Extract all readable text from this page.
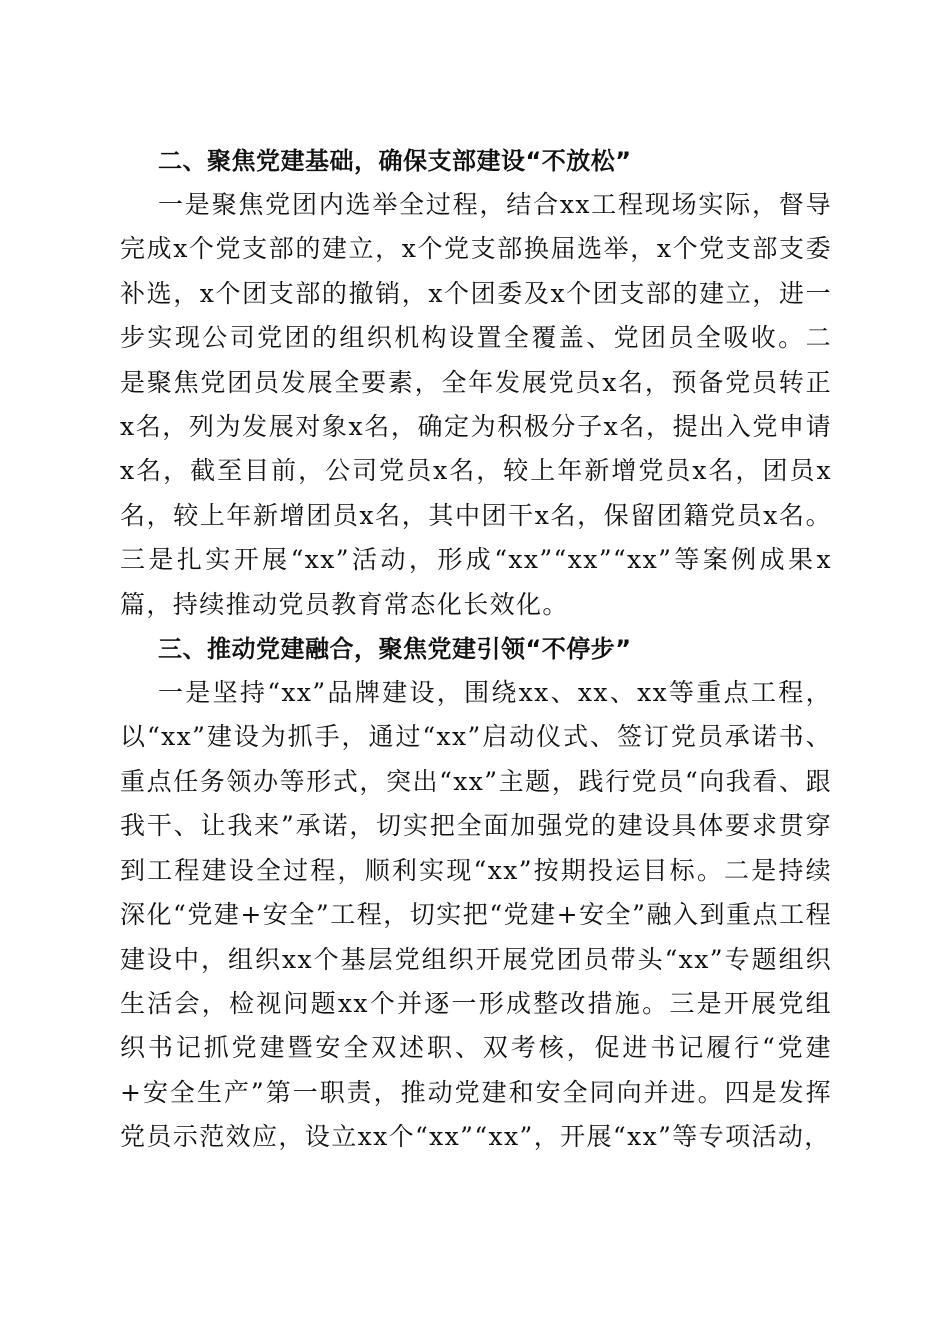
二、聚焦党建基础，确保支部建设“不放松”

一是聚焦党团内选举全过程，结合xx工程现场实际，督导完成x个党支部的建立，x个党支部换届选举，x个党支部支委补选，x个团支部的撤销，x个团委及x个团支部的建立，进一步实现公司党团的组织机构设置全覆盖、党团员全吸收。二是聚焦党团员发展全要素，全年发展党员x名，预备党员转正x名，列为发展对象x名，确定为积极分子x名，提出入党申请x名，截至目前，公司党员x名，较上年新增党员x名，团员x名，较上年新增团员x名，其中团干x名，保留团籍党员x名。三是扎实开展“xx”活动，形成“xx”“xx”“xx”等案例成果x篇，持续推动党员教育常态化长效化。

三、推动党建融合，聚焦党建引领“不停步”

一是坚持“xx”品牌建设，围绕xx、xx、xx等重点工程，以“xx”建设为抓手，通过“xx”启动仪式、签订党员承诺书、重点任务领办等形式，突出“xx”主题，践行党员“向我看、跟我干、让我来”承诺，切实把全面加强党的建设具体要求贯穿到工程建设全过程，顺利实现“xx”按期投运目标。二是持续深化“党建+安全”工程，切实把“党建+安全”融入到重点工程建设中，组织xx个基层党组织开展党团员带头“xx”专题组织生活会，检视问题xx个并逐一形成整改措施。三是开展党组织书记抓党建暨安全双述职、双考核，促进书记履行“党建+安全生产”第一职责，推动党建和安全同向并进。四是发挥党员示范效应，设立xx个“xx”“xx”，开展“xx”等专项活动，
